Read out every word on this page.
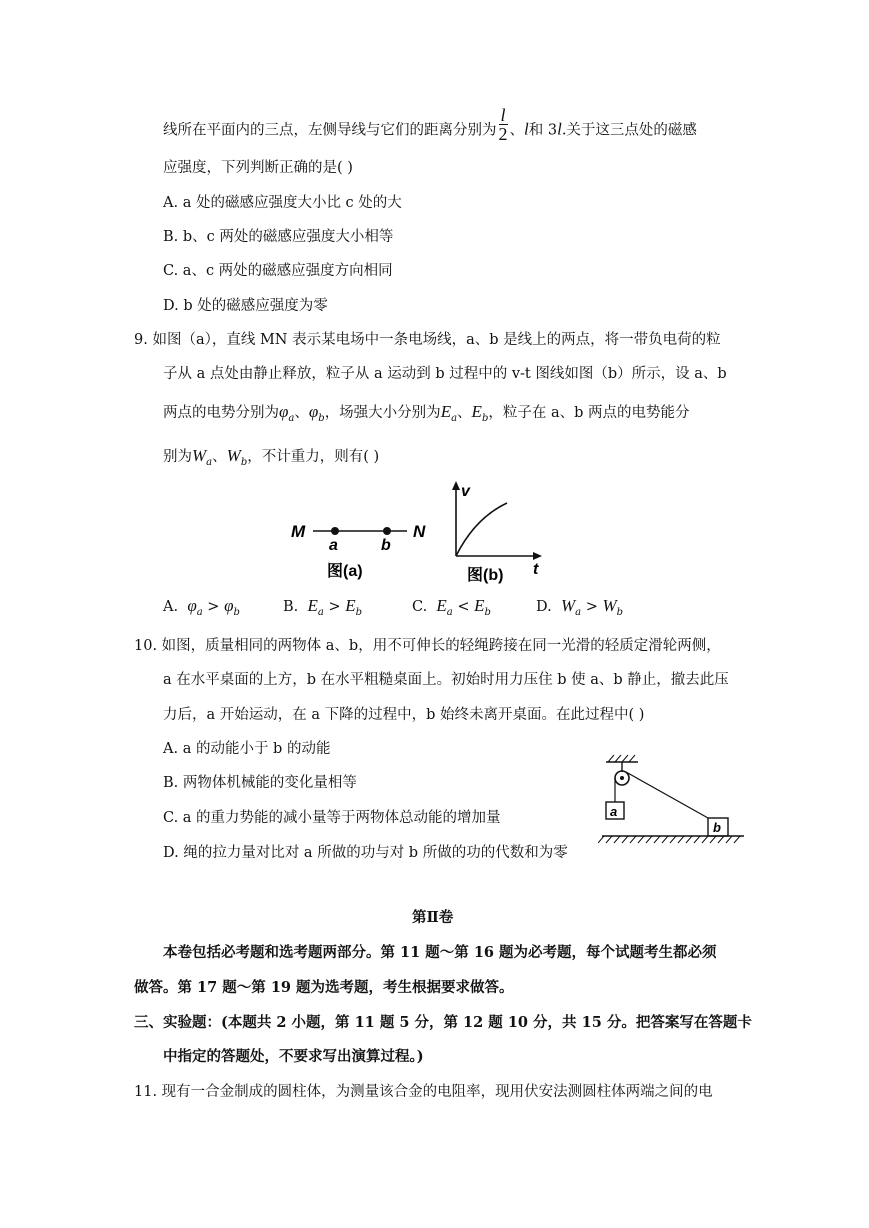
线所在平面内的三点，左侧导线与它们的距离分别为 $\frac{l}{2}$ 、l和 3l.关于这三点处的磁感
应强度，下列判断正确的是( )
A. a 处的磁感应强度大小比 c 处的大
B. b、c 两处的磁感应强度大小相等
C. a、c 两处的磁感应强度方向相同
D. b 处的磁感应强度为零
9. 如图（a），直线 MN 表示某电场中一条电场线，a、b 是线上的两点，将一带负电荷的粒
子从 a 点处由静止释放，粒子从 a 运动到 b 过程中的 v-t 图线如图（b）所示，设 a、b
两点的电势分别为$\varphi_a$、$\varphi_b$，场强大小分别为$E_a$、$E_b$，粒子在 a、b 两点的电势能分
别为$W_a$、$W_b$，不计重力，则有( )
M	N
a	b
图(a)
v
t
图(b)
A. $\varphi_a > \varphi_b$	B. $E_a > E_b$	C. $E_a < E_b$	D. $W_a > W_b$
10. 如图，质量相同的两物体 a、b，用不可伸长的轻绳跨接在同一光滑的轻质定滑轮两侧，
a 在水平桌面的上方，b 在水平粗糙桌面上。初始时用力压住 b 使 a、b 静止，撤去此压
力后，a 开始运动，在 a 下降的过程中，b 始终未离开桌面。在此过程中( )
A. a 的动能小于 b 的动能
B. 两物体机械能的变化量相等
C. a 的重力势能的减小量等于两物体总动能的增加量
D. 绳的拉力量对比对 a 所做的功与对 b 所做的功的代数和为零
a
b
第Ⅱ卷
本卷包括必考题和选考题两部分。第 11 题～第 16 题为必考题，每个试题考生都必须
做答。第 17 题～第 19 题为选考题，考生根据要求做答。
三、实验题：(本题共 2 小题，第 11 题 5 分，第 12 题 10 分，共 15 分。把答案写在答题卡
中指定的答题处，不要求写出演算过程。)
11. 现有一合金制成的圆柱体，为测量该合金的电阻率，现用伏安法测圆柱体两端之间的电
